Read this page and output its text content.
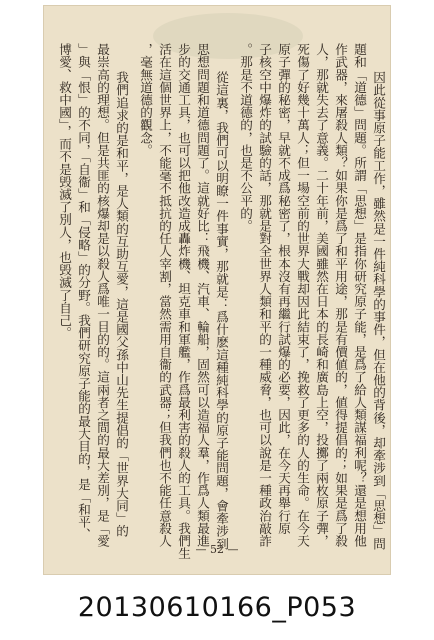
因此從事原子能工作，雖然是一件純科學的事件，但在他的背後，却牽涉到「思想」問
題和「道德」問題。所謂「思想」是指你研究原子能，是爲了給人類謀福利呢？還是想用他
作武器，來屠殺人類？如果你是爲了和平用途，那是有價値的，値得提倡的；如果是爲了殺
人，那就失去了意義。二十年前，美國雖然在日本的長崎和廣島上空，投擲了兩枚原子彈，
死傷了好幾十萬人；但一場空前的世界大戰却因此結束了，挽救了更多的人的生命。在今天
原子彈的秘密，早就不成爲秘密了，根本沒有再繼行試爆的必要，因此，在今天再舉行原
子核空中爆炸的試驗的話，那就是對全世界人類和平的一種威脅，也可以說是一種政治敲詐
。那是不道德的，也是不公平的。
從這裏，我們可以明瞭一件事實，那就是：爲什麽這種純科學的原子能問題，會牽涉到
思想問題和道德問題了。這就好比：飛機、汽車、輪船，固然可以造福人羣，作爲人類最進
步的交通工具，也可以把他改造成轟炸機、坦克車和軍艦，作爲最利害的殺人的工具。我們生
活在這個世界上，不能毫不抵抗的任人宰割，當然需用自衞的武器；但我們也不能任意殺人
，毫無道德的觀念。
我們追求的是和平，是人類的互助互愛，這是國父孫中山先生提倡的「世界大同」的
最崇高的理想。但是共匪的核爆却是以殺人爲唯一目的的。這兩者之間的最大差別，是「愛
」與「恨」的不同，「自衞」和「侵略」的分野。我們研究原子能的最大目的，是「和平、
博愛、救中國」，而不是毁滅了別人，也毁滅了自己。
— 52 —
20130610166_P053
